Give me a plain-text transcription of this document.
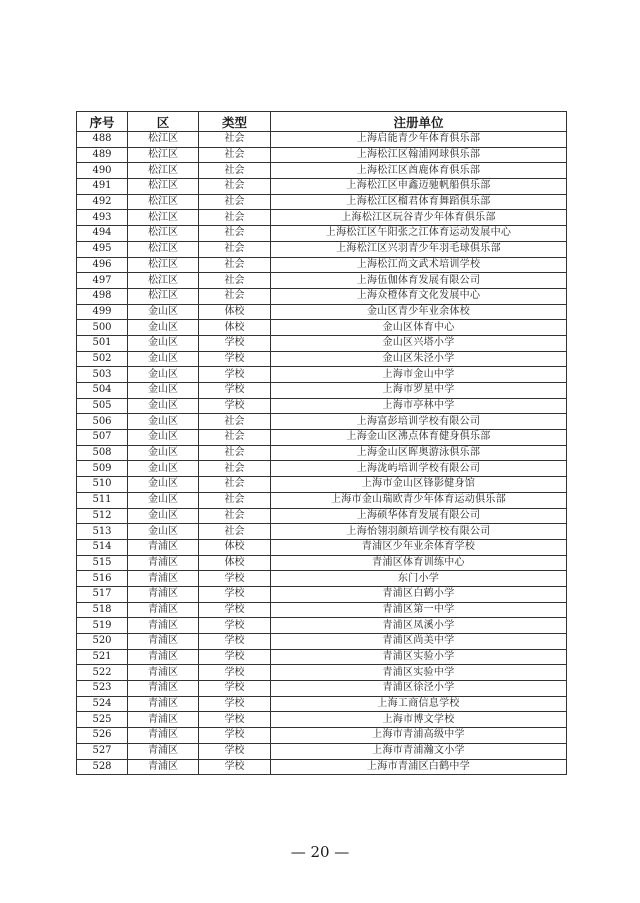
序号	区	类型	注册单位
488	松江区	社会	上海启能青少年体育俱乐部
489	松江区	社会	上海松江区翰浦网球俱乐部
490	松江区	社会	上海松江区酋鹿体育俱乐部
491	松江区	社会	上海松江区申鑫迈驰帆船俱乐部
492	松江区	社会	上海松江区榴君体育舞蹈俱乐部
493	松江区	社会	上海松江区玩谷青少年体育俱乐部
494	松江区	社会	上海松江区午阳张之江体育运动发展中心
495	松江区	社会	上海松江区兴羽青少年羽毛球俱乐部
496	松江区	社会	上海松江尚文武术培训学校
497	松江区	社会	上海伍伽体育发展有限公司
498	松江区	社会	上海众橙体育文化发展中心
499	金山区	体校	金山区青少年业余体校
500	金山区	体校	金山区体育中心
501	金山区	学校	金山区兴塔小学
502	金山区	学校	金山区朱泾小学
503	金山区	学校	上海市金山中学
504	金山区	学校	上海市罗星中学
505	金山区	学校	上海市亭林中学
506	金山区	社会	上海富彭培训学校有限公司
507	金山区	社会	上海金山区沸点体育健身俱乐部
508	金山区	社会	上海金山区晖奥游泳俱乐部
509	金山区	社会	上海泷屿培训学校有限公司
510	金山区	社会	上海市金山区锋影健身馆
511	金山区	社会	上海市金山瑞欧青少年体育运动俱乐部
512	金山区	社会	上海硕华体育发展有限公司
513	金山区	社会	上海怡翎羽颜培训学校有限公司
514	青浦区	体校	青浦区少年业余体育学校
515	青浦区	体校	青浦区体育训练中心
516	青浦区	学校	东门小学
517	青浦区	学校	青浦区白鹤小学
518	青浦区	学校	青浦区第一中学
519	青浦区	学校	青浦区凤溪小学
520	青浦区	学校	青浦区尚美中学
521	青浦区	学校	青浦区实验小学
522	青浦区	学校	青浦区实验中学
523	青浦区	学校	青浦区徐泾小学
524	青浦区	学校	上海工商信息学校
525	青浦区	学校	上海市博文学校
526	青浦区	学校	上海市青浦高级中学
527	青浦区	学校	上海市青浦瀚文小学
528	青浦区	学校	上海市青浦区白鹤中学
— 20 —
